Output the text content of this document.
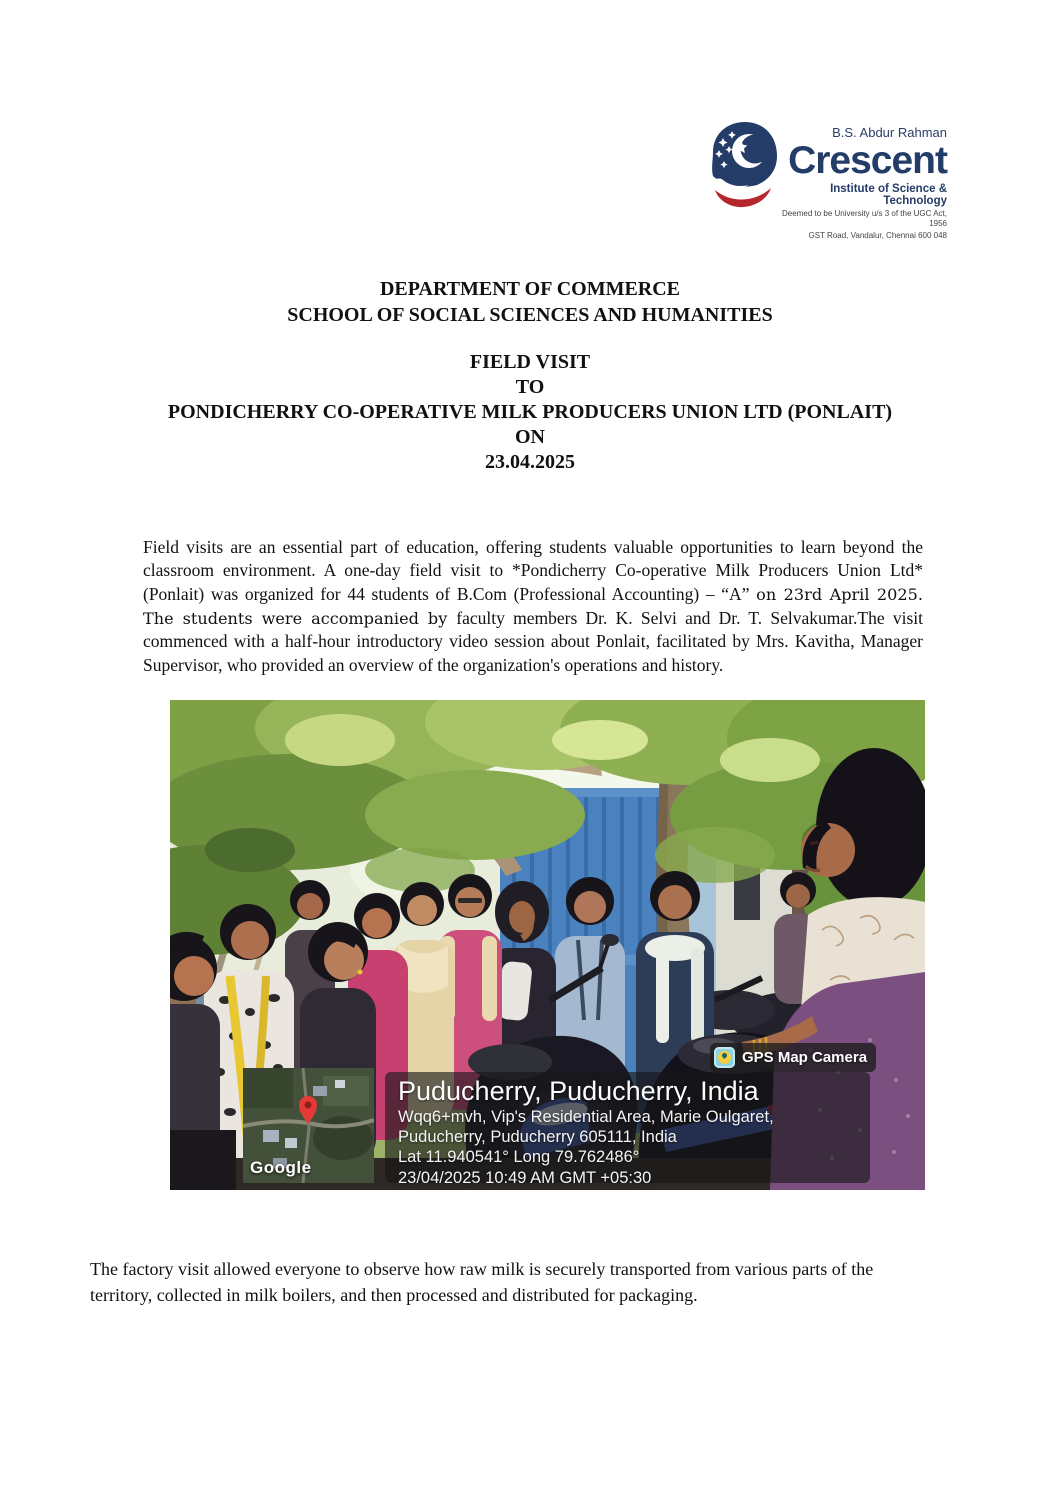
B.S. Abdur Rahman
Crescent
Institute of Science & Technology
Deemed to be University u/s 3 of the UGC Act, 1956
GST Road, Vandalur, Chennai 600 048
DEPARTMENT OF COMMERCE
SCHOOL OF SOCIAL SCIENCES AND HUMANITIES
FIELD VISIT
TO
PONDICHERRY CO-OPERATIVE MILK PRODUCERS UNION LTD (PONLAIT)
ON
23.04.2025

Field visits are an essential part of education, offering students valuable opportunities to learn beyond the classroom environment. A one-day field visit to *Pondicherry Co-operative Milk Producers Union Ltd* (Ponlait) was organized for 44 students of B.Com (Professional Accounting) – “A” on 23rd April 2025. The students were accompanied by faculty members Dr. K. Selvi and Dr. T. Selvakumar.The visit commenced with a half-hour introductory video session about Ponlait, facilitated by Mrs. Kavitha, Manager Supervisor, who provided an overview of the organization's operations and history.

GPS Map Camera
Google
Puducherry, Puducherry, India
Wqq6+mvh, Vip's Residential Area, Marie Oulgaret,
Puducherry, Puducherry 605111, India
Lat 11.940541° Long 79.762486°
23/04/2025 10:49 AM GMT +05:30

The factory visit allowed everyone to observe how raw milk is securely transported from various parts of the territory, collected in milk boilers, and then processed and distributed for packaging.
